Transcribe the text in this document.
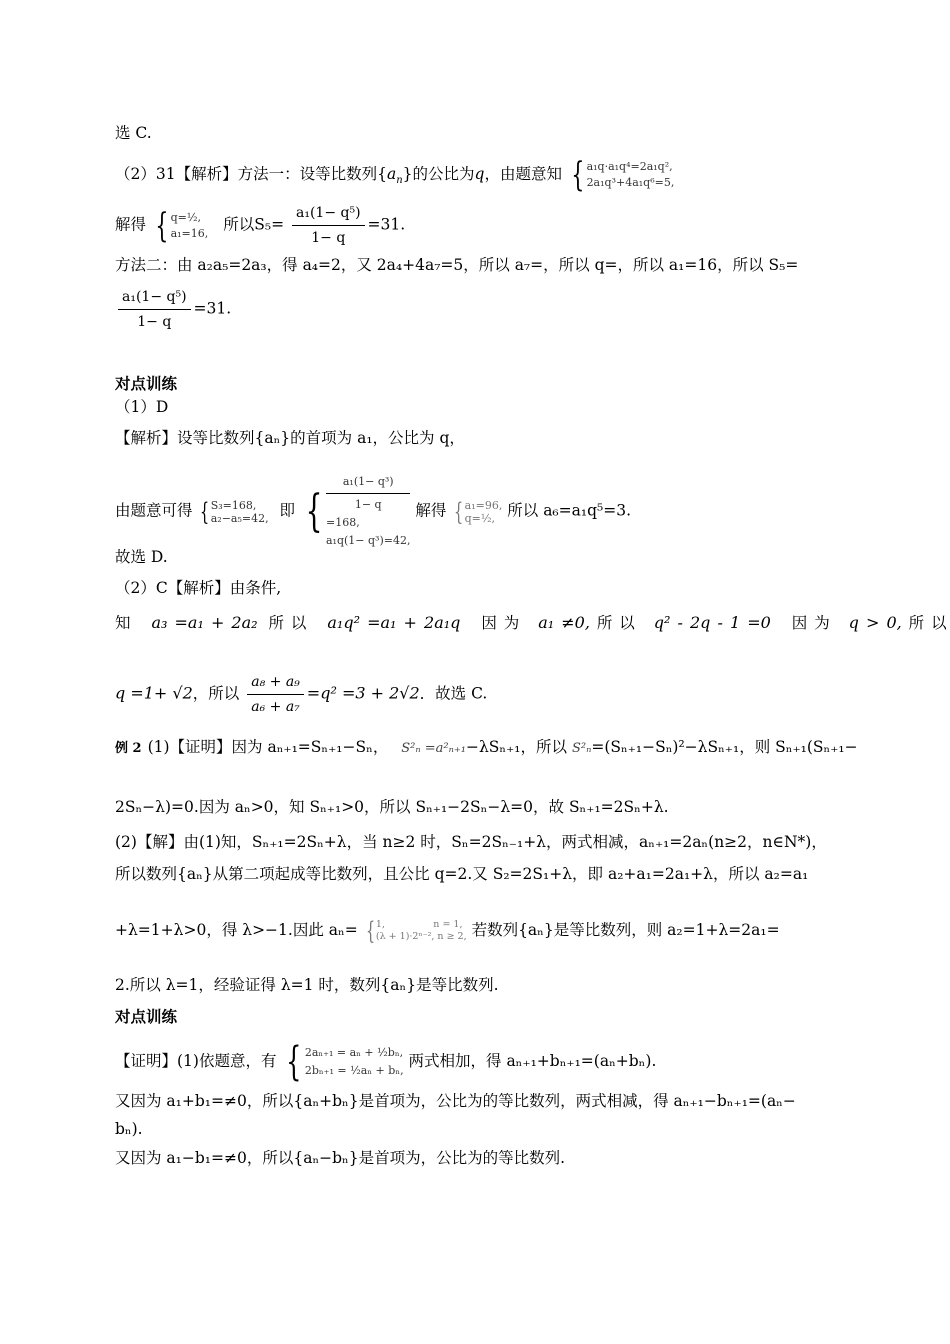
选 C.
（2）31【解析】方法一：设等比数列$\{a_n\}$的公比为q，由题意知 { a₁q·a₁q⁴=2a₁q²,
2a₁q³+4a₁q⁶=5,
解得 { q=½,
a₁=16, 所以$S_5= \frac{\text{a₁(1− q⁵)}}{1- q} =31$.
方法二：由 a₂a₅=2a₃，得 a₄=2，又 2a₄+4a₇=5，所以 a₇=，所以 q=，所以 a₁=16，所以 S₅=
$\frac{\text{a₁(1− q⁵)}}{1- q} =31$.
对点训练
（1）D
【解析】设等比数列{aₙ}的首项为 a₁，公比为 q，
由题意可得 { S₃=168,
a₂−a₅=42, 即 {
a₁(1− q³)
1− q
=168,
a₁q(1− q³)=42,
解得 { a₁=96,
q=½, 所以 a₆=a₁q⁵=3.
故选 D.
（2）C【解析】由条件,
知 a₃ =a₁ + 2a₂ 所 以 a₁q² =a₁ + 2a₁q 因 为 a₁ ≠0, 所 以 q² - 2q - 1 =0 因 为 q > 0, 所 以
q =1+ √2，所以 $\frac{\text{a₈ + a₉}}{\text{a₆ + a₇}} =q^2 =3 + 2√2$．故选 C.
例 2 (1)【证明】因为 aₙ₊₁=Sₙ₊₁−Sₙ， S²ₙ =a²ₙ₊₁−λSₙ₊₁，所以 S²ₙ=(Sₙ₊₁−Sₙ)²−λSₙ₊₁，则 Sₙ₊₁(Sₙ₊₁−
2Sₙ−λ)=0.因为 aₙ>0，知 Sₙ₊₁>0，所以 Sₙ₊₁−2Sₙ−λ=0，故 Sₙ₊₁=2Sₙ+λ.
(2)【解】由(1)知，Sₙ₊₁=2Sₙ+λ，当 n≥2 时，Sₙ=2Sₙ₋₁+λ，两式相减，aₙ₊₁=2aₙ(n≥2，n∈N*)，
所以数列{aₙ}从第二项起成等比数列，且公比 q=2.又 S₂=2S₁+λ，即 a₂+a₁=2a₁+λ，所以 a₂=a₁
+λ=1+λ>0，得 λ>−1.因此 aₙ= { 1,                n = 1,
(λ + 1)·2ⁿ⁻², n ≥ 2, 若数列{aₙ}是等比数列，则 a₂=1+λ=2a₁=
2.所以 λ=1，经验证得 λ=1 时，数列{aₙ}是等比数列.
对点训练
【证明】(1)依题意，有 { 2aₙ₊₁ = aₙ + ½bₙ,
2bₙ₊₁ = ½aₙ + bₙ,
两式相加，得 aₙ₊₁+bₙ₊₁=(aₙ+bₙ).
又因为 a₁+b₁=≠0，所以{aₙ+bₙ}是首项为，公比为的等比数列，两式相减，得 aₙ₊₁−bₙ₊₁=(aₙ−
bₙ).
又因为 a₁−b₁=≠0，所以{aₙ−bₙ}是首项为，公比为的等比数列.
